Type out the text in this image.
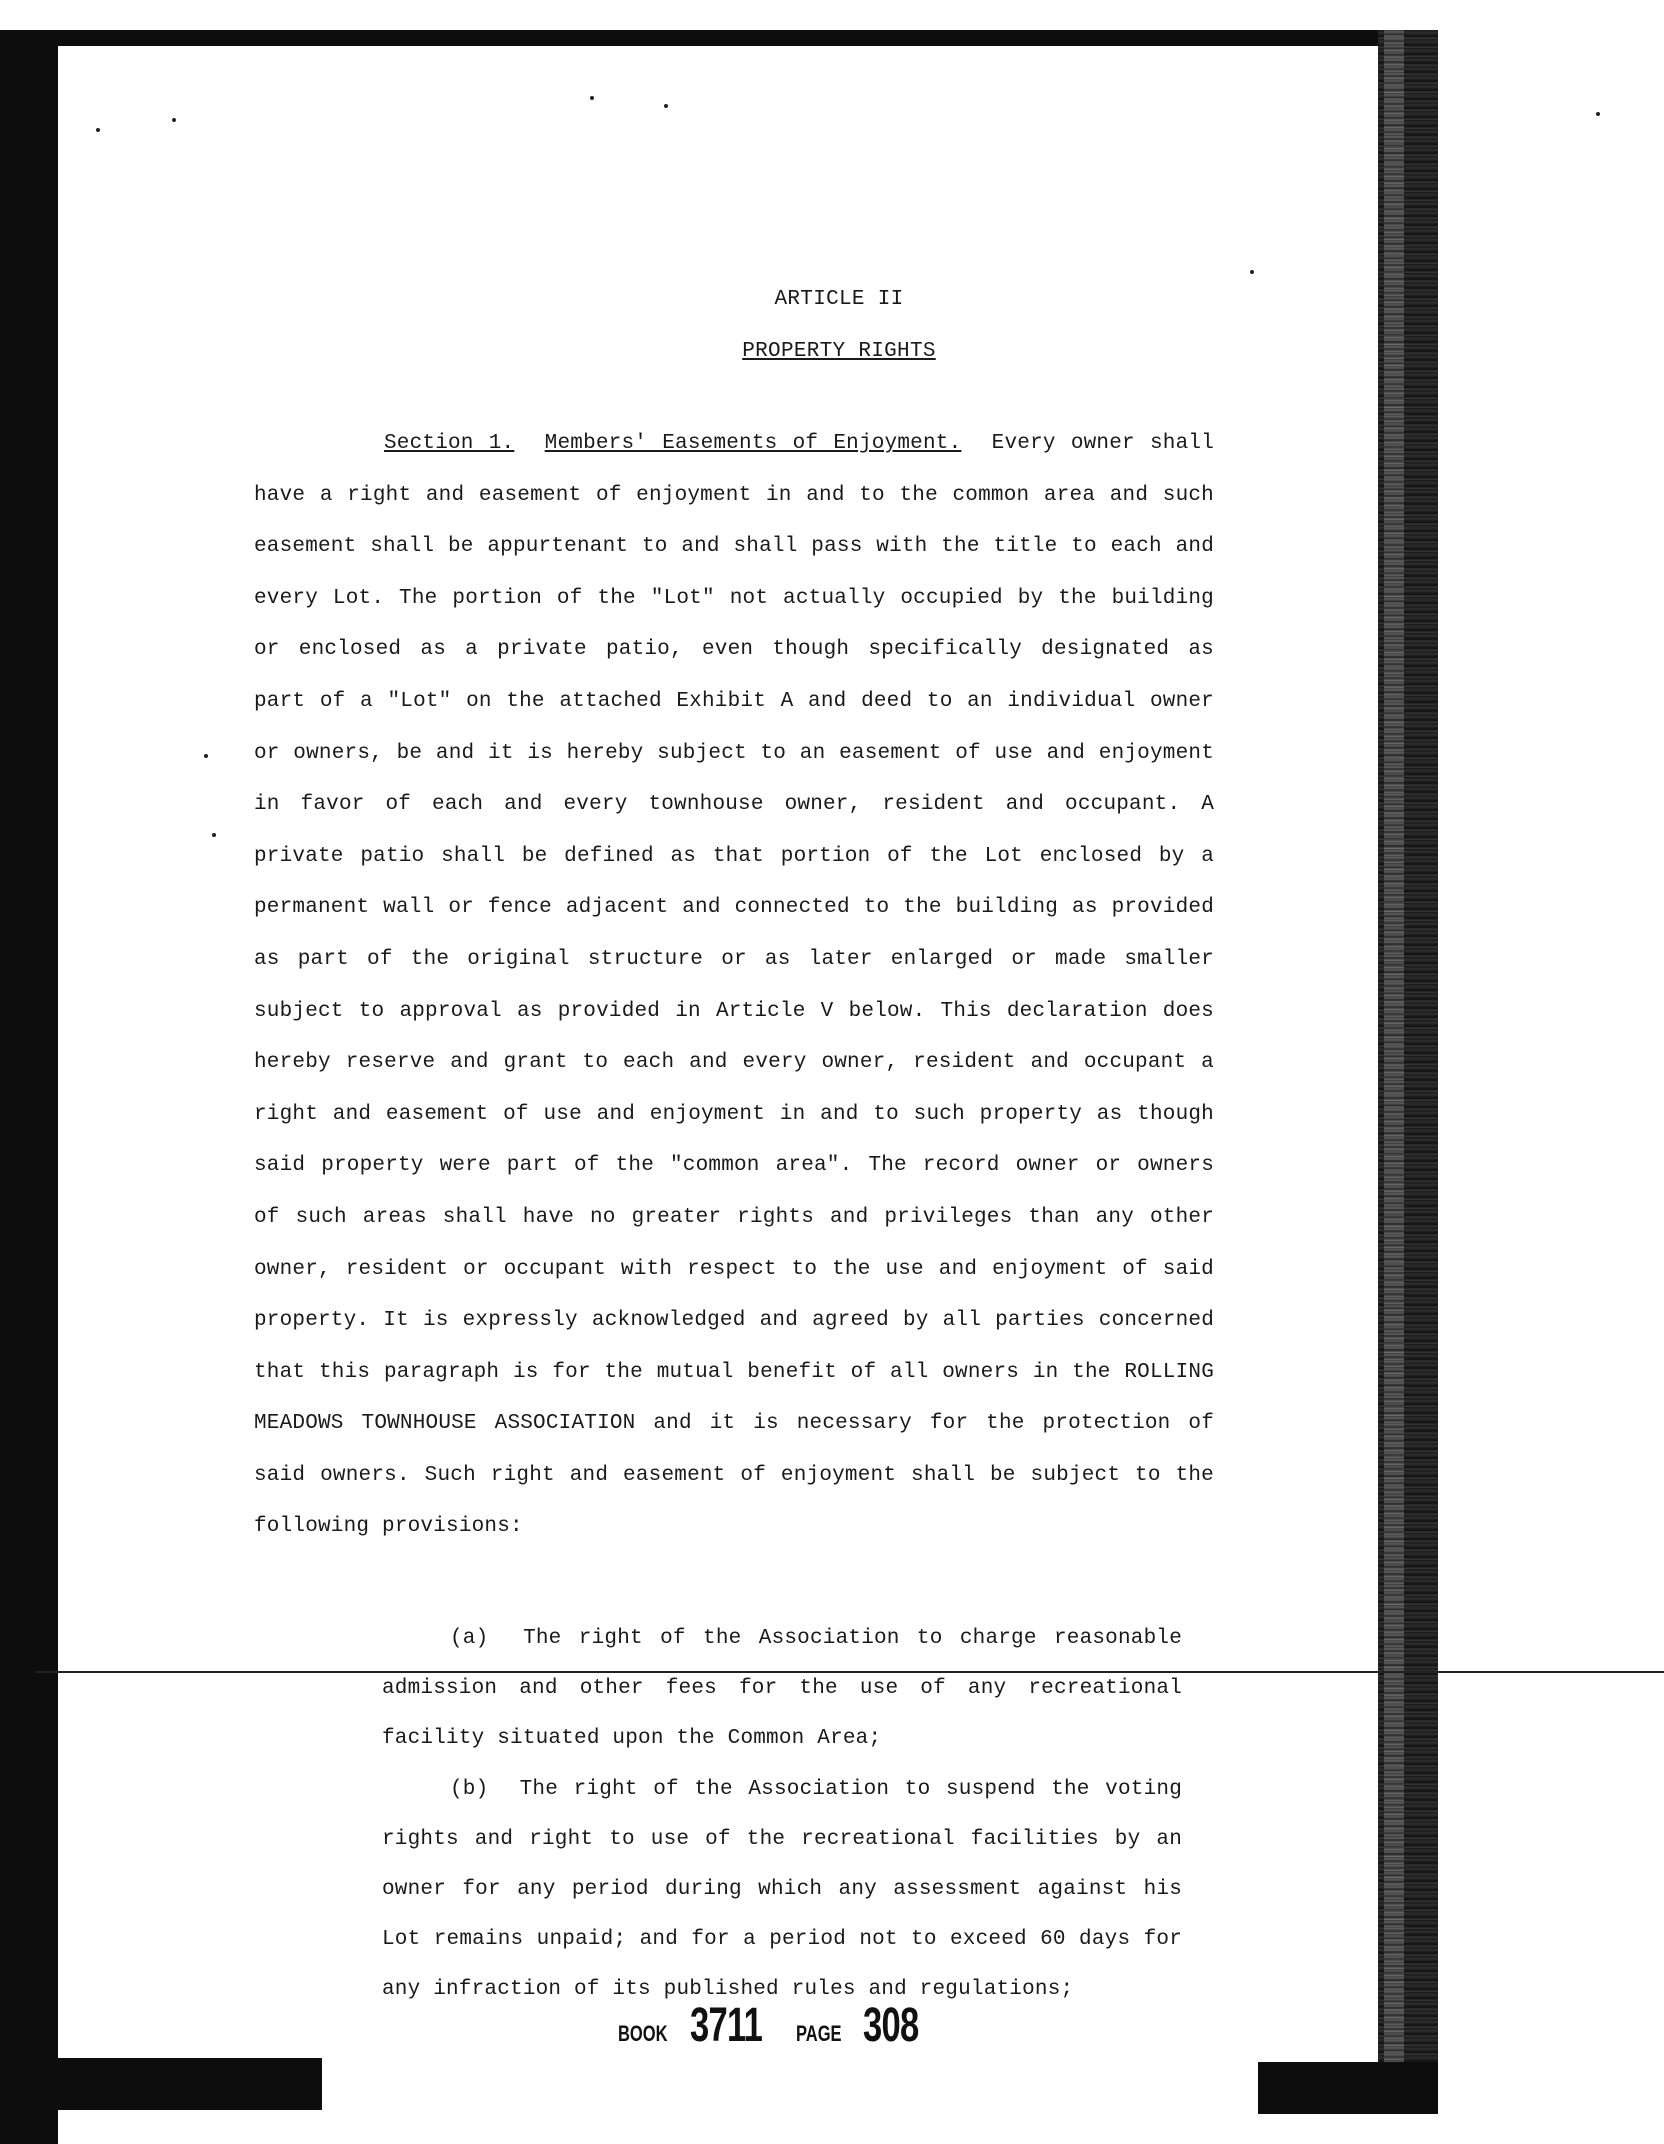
ARTICLE II
PROPERTY RIGHTS
Section 1. Members' Easements of Enjoyment. Every owner shall have a right and easement of enjoyment in and to the common area and such easement shall be appurtenant to and shall pass with the title to each and every Lot. The portion of the "Lot" not actually occupied by the building or enclosed as a private patio, even though specifically designated as part of a "Lot" on the attached Exhibit A and deed to an individual owner or owners, be and it is hereby subject to an easement of use and enjoyment in favor of each and every townhouse owner, resident and occupant. A private patio shall be defined as that portion of the Lot enclosed by a permanent wall or fence adjacent and connected to the building as provided as part of the original structure or as later enlarged or made smaller subject to approval as provided in Article V below. This declaration does hereby reserve and grant to each and every owner, resident and occupant a right and easement of use and enjoyment in and to such property as though said property were part of the "common area". The record owner or owners of such areas shall have no greater rights and privileges than any other owner, resident or occupant with respect to the use and enjoyment of said property. It is expressly acknowledged and agreed by all parties concerned that this paragraph is for the mutual benefit of all owners in the ROLLING MEADOWS TOWNHOUSE ASSOCIATION and it is necessary for the protection of said owners. Such right and easement of enjoyment shall be subject to the following provisions:
(a) The right of the Association to charge reasonable admission and other fees for the use of any recreational facility situated upon the Common Area;
(b) The right of the Association to suspend the voting rights and right to use of the recreational facilities by an owner for any period during which any assessment against his Lot remains unpaid; and for a period not to exceed 60 days for any infraction of its published rules and regulations;
BOOK 3711 PAGE 308
